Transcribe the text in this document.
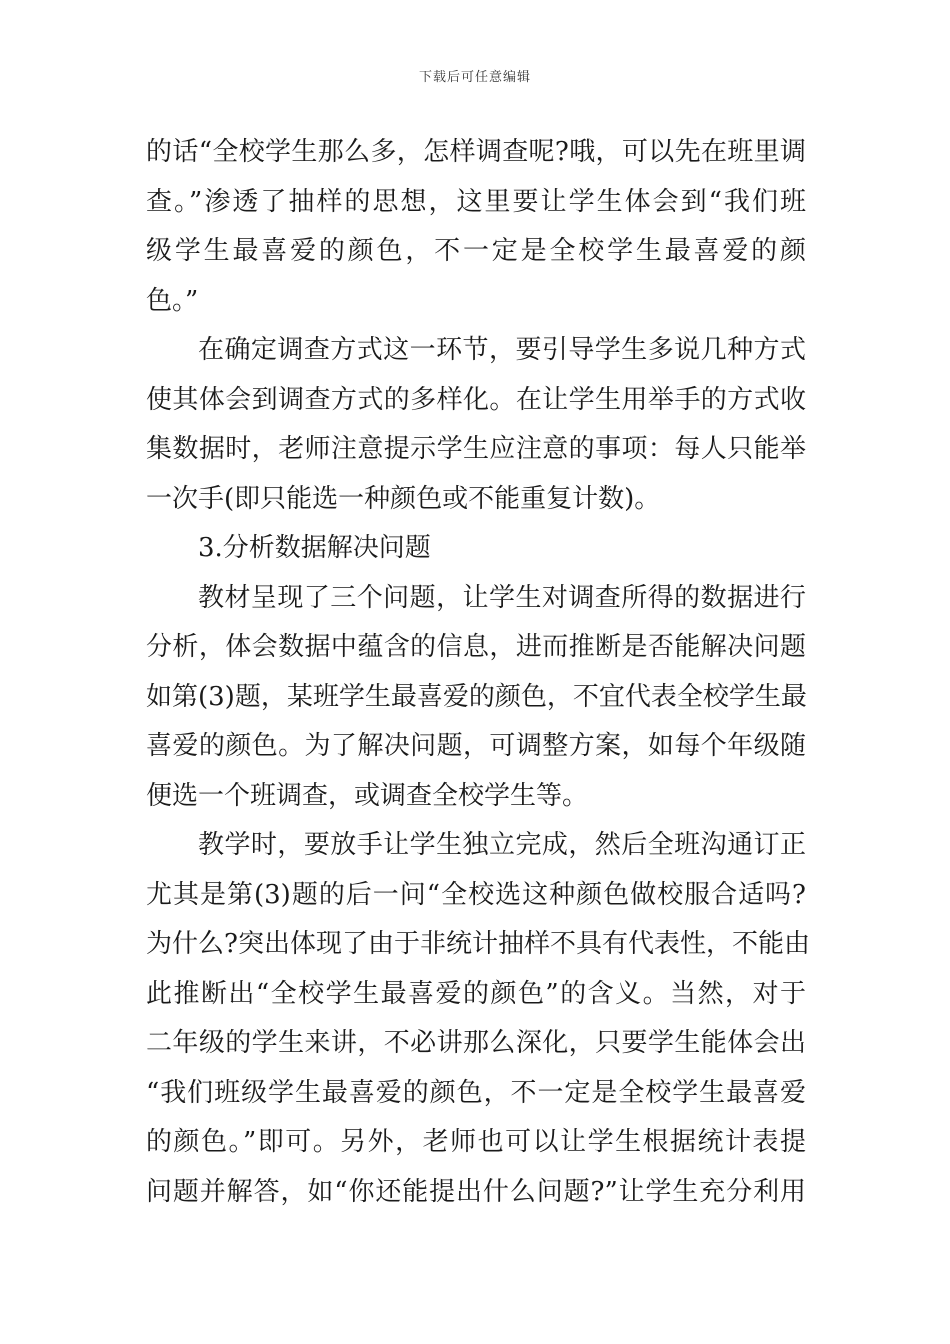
下载后可任意编辑
的话“全校学生那么多，怎样调查呢?哦，可以先在班里调
查。”渗透了抽样的思想，这里要让学生体会到“我们班
级学生最喜爱的颜色，不一定是全校学生最喜爱的颜
色。”
在确定调查方式这一环节，要引导学生多说几种方式
使其体会到调查方式的多样化。在让学生用举手的方式收
集数据时，老师注意提示学生应注意的事项：每人只能举
一次手(即只能选一种颜色或不能重复计数)。
3.分析数据解决问题
教材呈现了三个问题，让学生对调查所得的数据进行
分析，体会数据中蕴含的信息，进而推断是否能解决问题
如第(3)题，某班学生最喜爱的颜色，不宜代表全校学生最
喜爱的颜色。为了解决问题，可调整方案，如每个年级随
便选一个班调查，或调查全校学生等。
教学时，要放手让学生独立完成，然后全班沟通订正
尤其是第(3)题的后一问“全校选这种颜色做校服合适吗?
为什么?突出体现了由于非统计抽样不具有代表性，不能由
此推断出“全校学生最喜爱的颜色”的含义。当然，对于
二年级的学生来讲，不必讲那么深化，只要学生能体会出
“我们班级学生最喜爱的颜色，不一定是全校学生最喜爱
的颜色。”即可。另外，老师也可以让学生根据统计表提
问题并解答，如“你还能提出什么问题?”让学生充分利用
